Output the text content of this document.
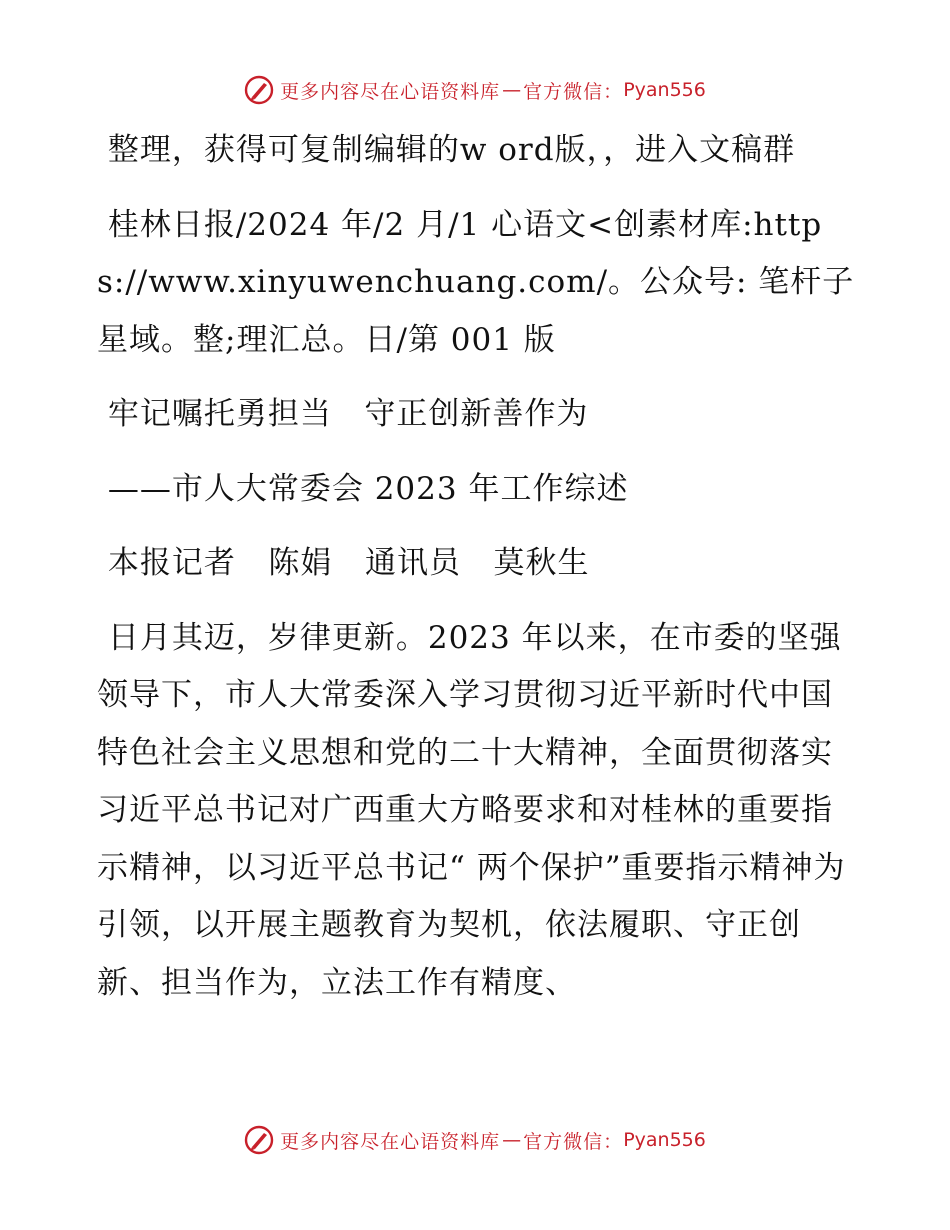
更多内容尽在心语资料库 — 官方微信： Pyan556

整理，获得可复制编辑的w ord版，，进入文稿群

桂林日报/2024 年/2 月/1 心语文<创素材库:https://www.xinyuwenchuang.com/。公众号: 笔杆子星域。整;理汇总。日/第 001 版

牢记嘱托勇担当   守正创新善作为

——市人大常委会 2023 年工作综述

本报记者   陈娟   通讯员   莫秋生

日月其迈，岁律更新。2023 年以来，在市委的坚强领导下，市人大常委深入学习贯彻习近平新时代中国特色社会主义思想和党的二十大精神，全面贯彻落实习近平总书记对广西重大方略要求和对桂林的重要指示精神，以习近平总书记“ 两个保护”重要指示精神为引领，以开展主题教育为契机，依法履职、守正创新、担当作为，立法工作有精度、

更多内容尽在心语资料库 — 官方微信： Pyan556
